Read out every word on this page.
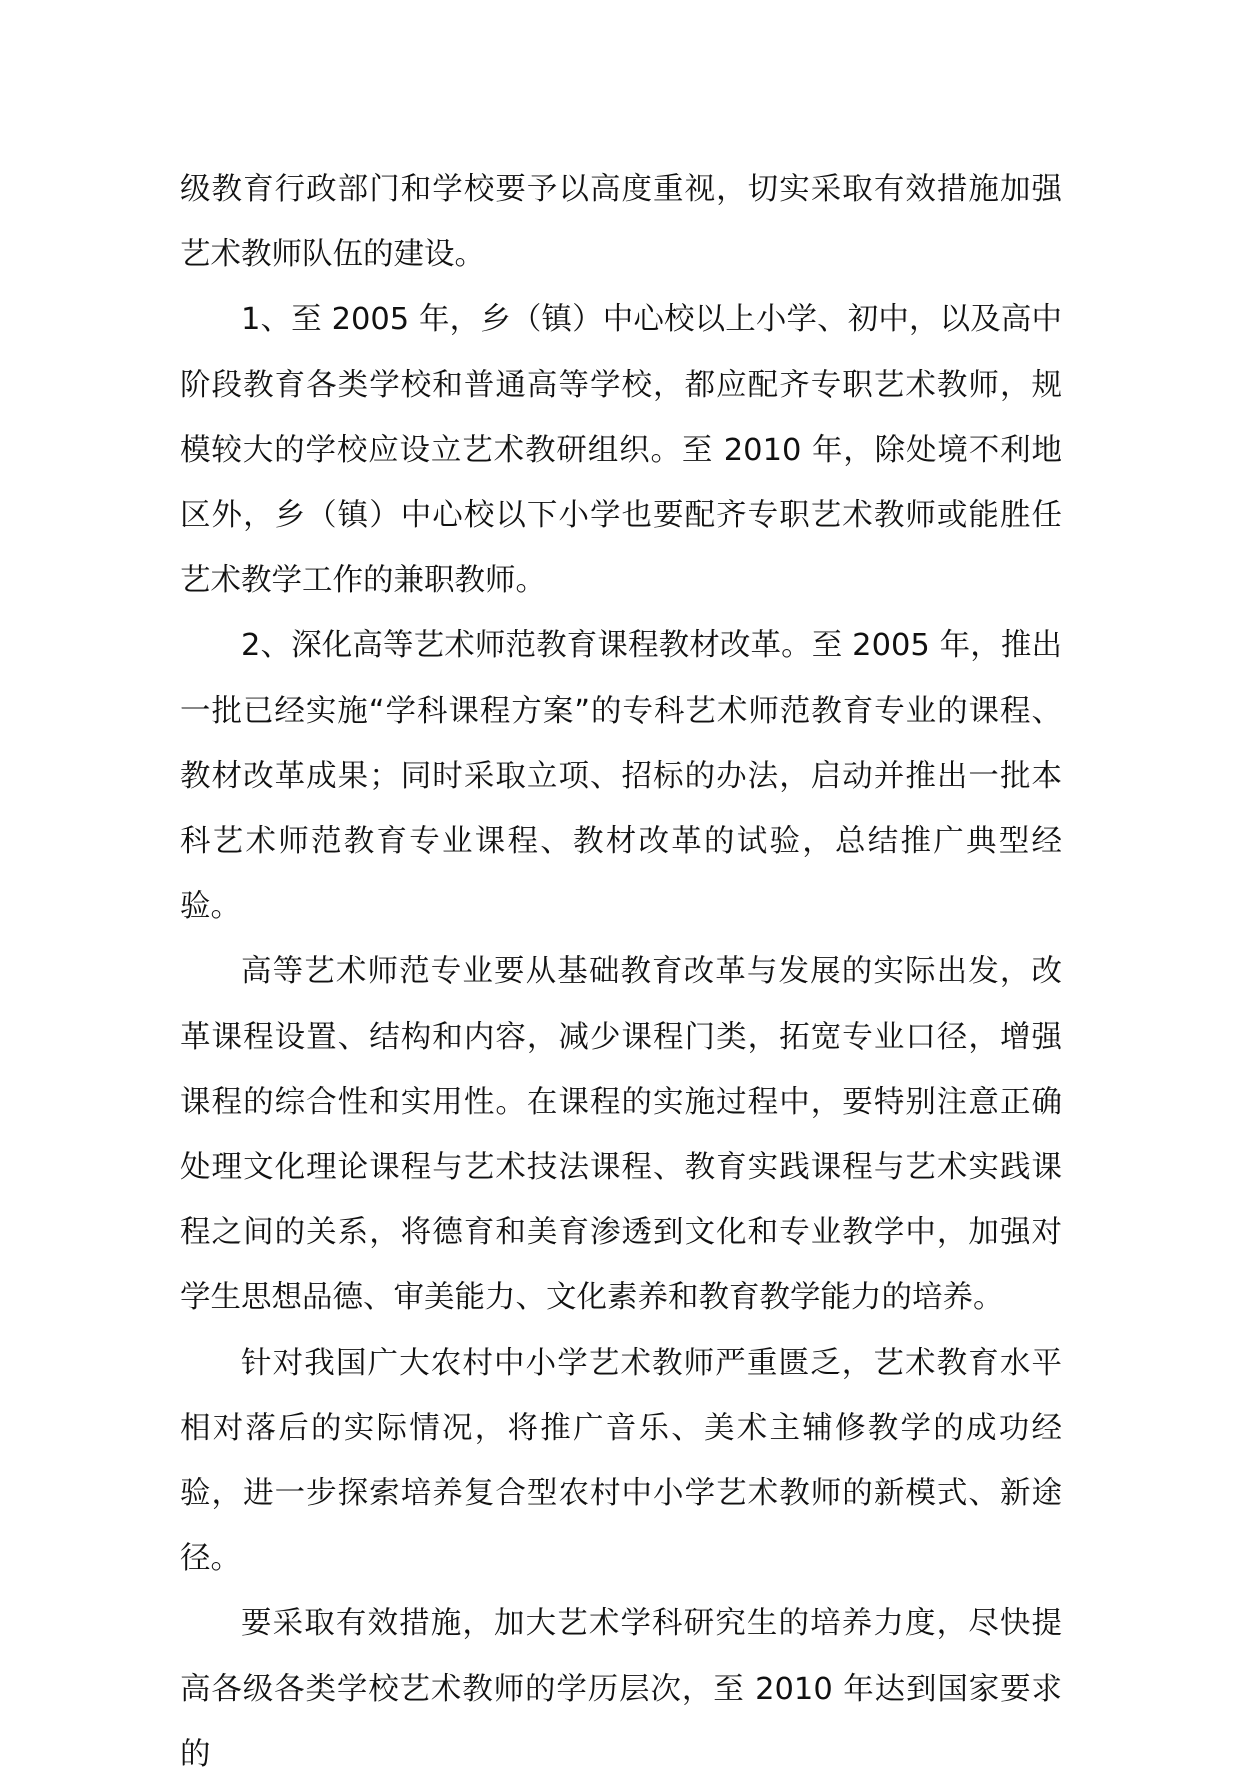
级教育行政部门和学校要予以高度重视，切实采取有效措施加强艺术教师队伍的建设。

1、至 2005 年，乡（镇）中心校以上小学、初中，以及高中阶段教育各类学校和普通高等学校，都应配齐专职艺术教师，规模较大的学校应设立艺术教研组织。至 2010 年，除处境不利地区外，乡（镇）中心校以下小学也要配齐专职艺术教师或能胜任艺术教学工作的兼职教师。

2、深化高等艺术师范教育课程教材改革。至 2005 年，推出一批已经实施“学科课程方案”的专科艺术师范教育专业的课程、教材改革成果；同时采取立项、招标的办法，启动并推出一批本科艺术师范教育专业课程、教材改革的试验，总结推广典型经验。

高等艺术师范专业要从基础教育改革与发展的实际出发，改革课程设置、结构和内容，减少课程门类，拓宽专业口径，增强课程的综合性和实用性。在课程的实施过程中，要特别注意正确处理文化理论课程与艺术技法课程、教育实践课程与艺术实践课程之间的关系，将德育和美育渗透到文化和专业教学中，加强对学生思想品德、审美能力、文化素养和教育教学能力的培养。

针对我国广大农村中小学艺术教师严重匮乏，艺术教育水平相对落后的实际情况，将推广音乐、美术主辅修教学的成功经验，进一步探索培养复合型农村中小学艺术教师的新模式、新途径。

要采取有效措施，加大艺术学科研究生的培养力度，尽快提高各级各类学校艺术教师的学历层次，至 2010 年达到国家要求的
